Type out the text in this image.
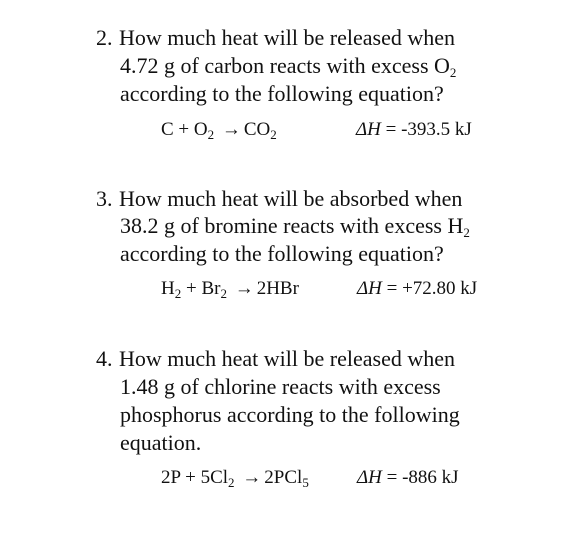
2. How much heat will be released when
4.72 g of carbon reacts with excess $O_2$
according to the following equation?
$C + O_2 \to CO_2$	ΔH = -393.5 kJ
3. How much heat will be absorbed when
38.2 g of bromine reacts with excess $H_2$
according to the following equation?
$H_2 + Br_2 \to 2HBr$	ΔH = +72.80 kJ
4. How much heat will be released when
1.48 g of chlorine reacts with excess
phosphorus according to the following
equation.
$2P + 5Cl_2 \to 2PCl_5$	ΔH = -886 kJ
